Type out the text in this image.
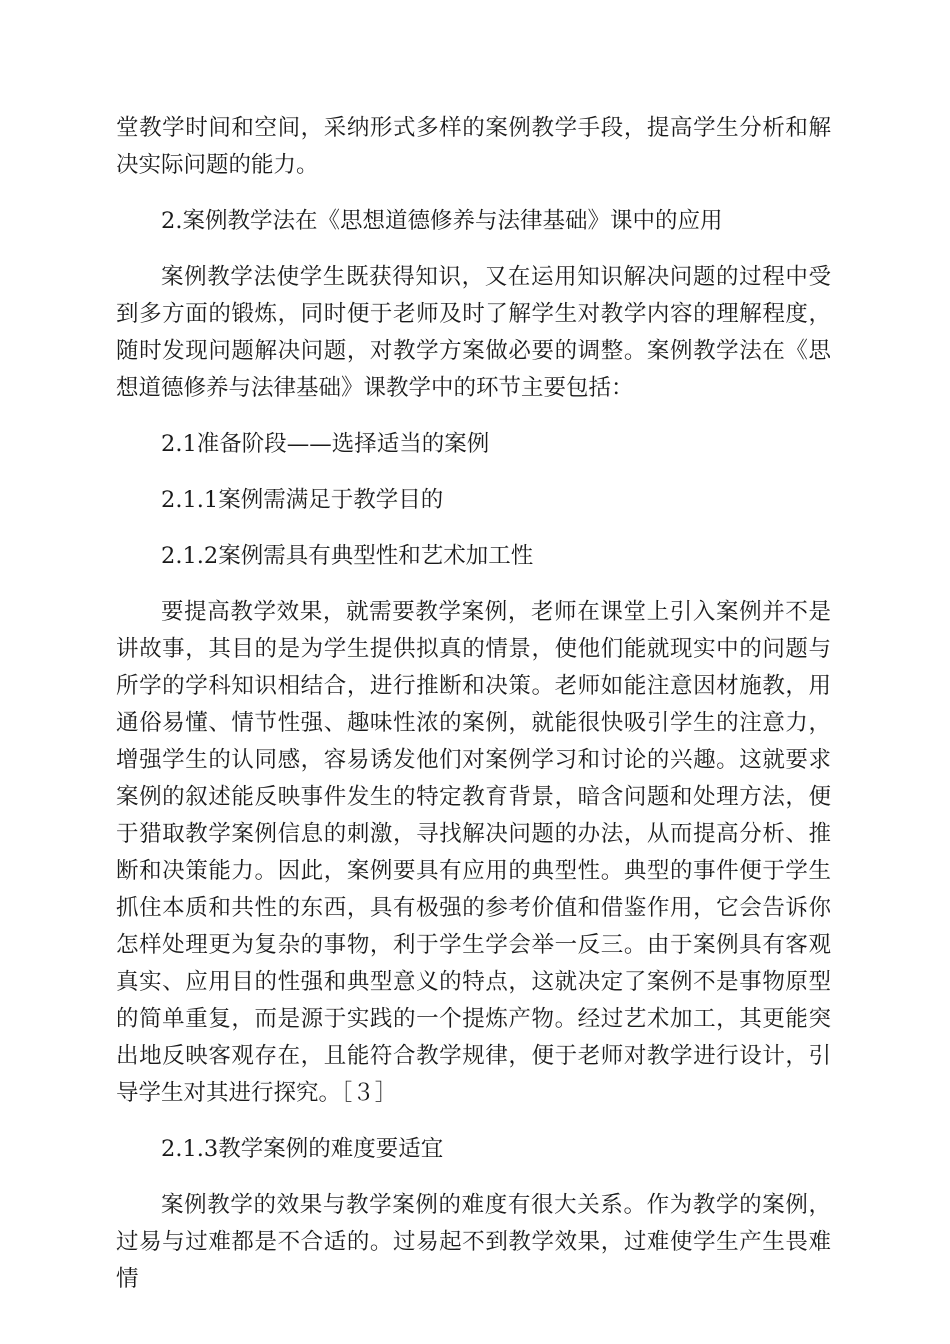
堂教学时间和空间，采纳形式多样的案例教学手段，提高学生分析和解决实际问题的能力。

2.案例教学法在《思想道德修养与法律基础》课中的应用

案例教学法使学生既获得知识，又在运用知识解决问题的过程中受到多方面的锻炼，同时便于老师及时了解学生对教学内容的理解程度，随时发现问题解决问题，对教学方案做必要的调整。案例教学法在《思想道德修养与法律基础》课教学中的环节主要包括：

2.1准备阶段——选择适当的案例

2.1.1案例需满足于教学目的

2.1.2案例需具有典型性和艺术加工性

要提高教学效果，就需要教学案例，老师在课堂上引入案例并不是讲故事，其目的是为学生提供拟真的情景，使他们能就现实中的问题与所学的学科知识相结合，进行推断和决策。老师如能注意因材施教，用通俗易懂、情节性强、趣味性浓的案例，就能很快吸引学生的注意力，增强学生的认同感，容易诱发他们对案例学习和讨论的兴趣。这就要求案例的叙述能反映事件发生的特定教育背景，暗含问题和处理方法，便于猎取教学案例信息的刺激，寻找解决问题的办法，从而提高分析、推断和决策能力。因此，案例要具有应用的典型性。典型的事件便于学生抓住本质和共性的东西，具有极强的参考价值和借鉴作用，它会告诉你怎样处理更为复杂的事物，利于学生学会举一反三。由于案例具有客观真实、应用目的性强和典型意义的特点，这就决定了案例不是事物原型的简单重复，而是源于实践的一个提炼产物。经过艺术加工，其更能突出地反映客观存在，且能符合教学规律，便于老师对教学进行设计，引导学生对其进行探究。［３］

2.1.3教学案例的难度要适宜

案例教学的效果与教学案例的难度有很大关系。作为教学的案例，过易与过难都是不合适的。过易起不到教学效果，过难使学生产生畏难情
